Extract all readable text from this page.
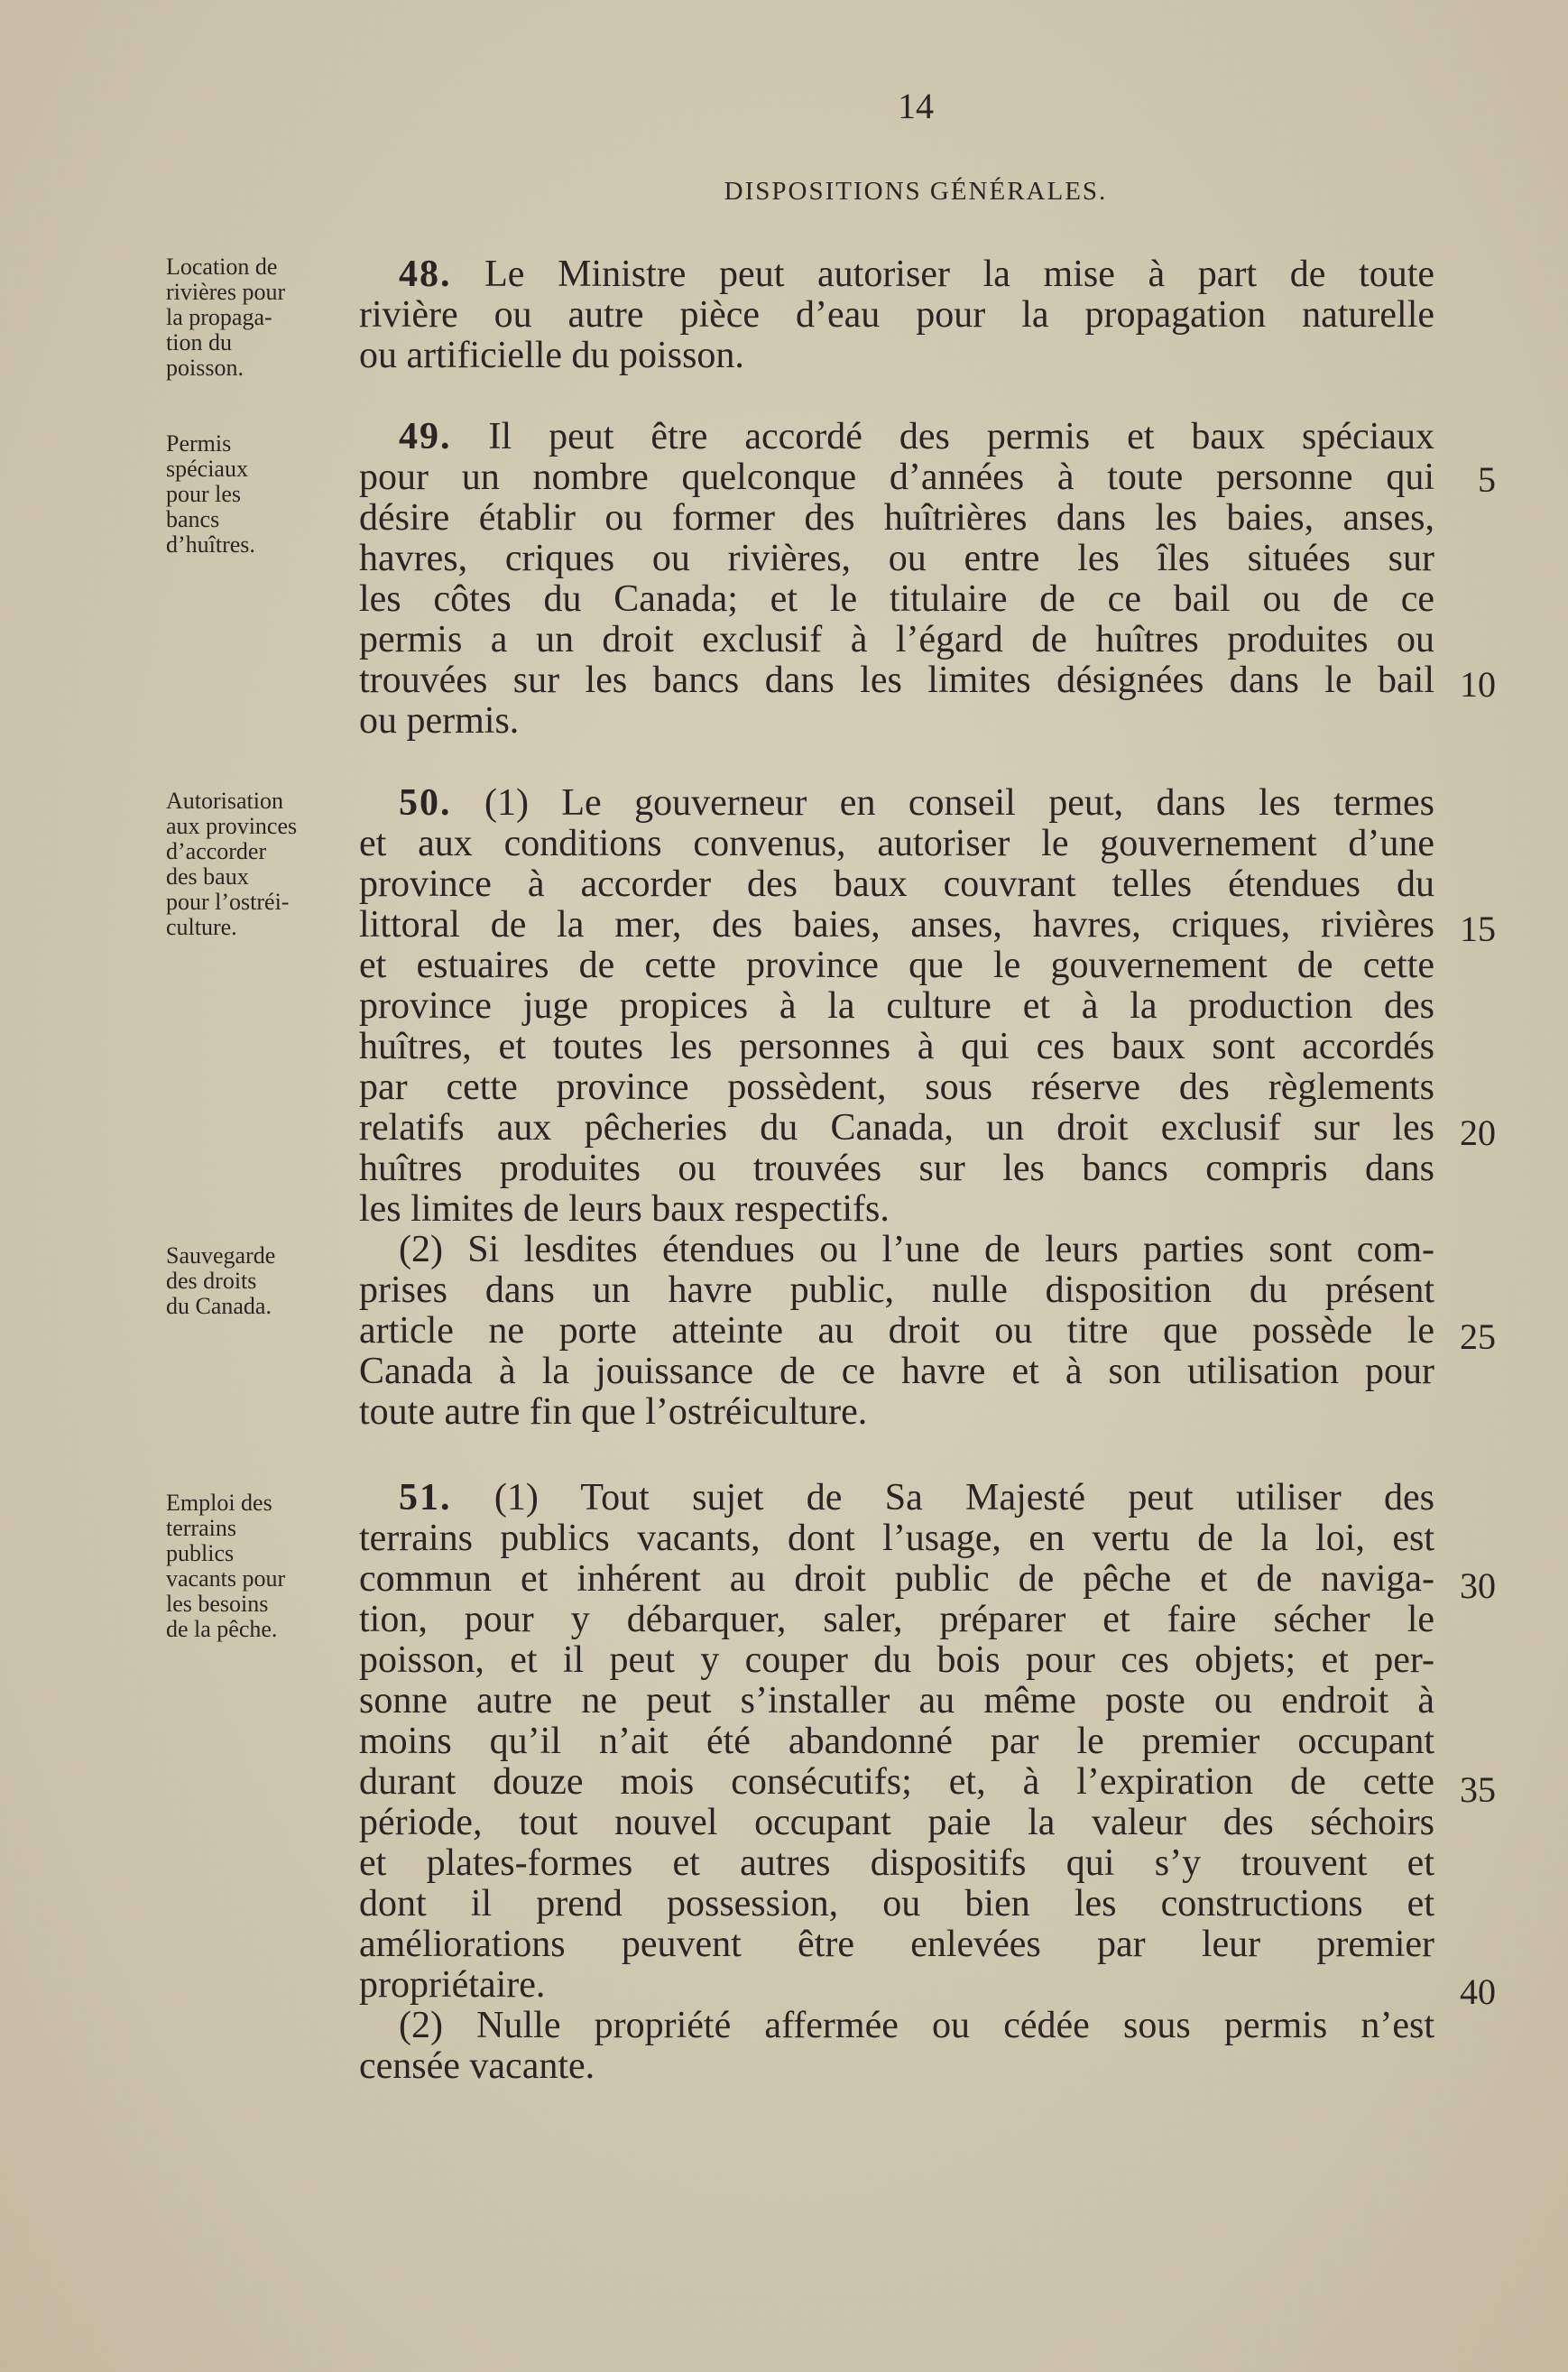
14
DISPOSITIONS GÉNÉRALES.
Location de
rivières pour
la propaga-
tion du
poisson.
Permis
spéciaux
pour les
bancs
d’huîtres.
Autorisation
aux provinces
d’accorder
des baux
pour l’ostréi-
culture.
Sauvegarde
des droits
du Canada.
Emploi des
terrains
publics
vacants pour
les besoins
de la pêche.
48. Le Ministre peut autoriser la mise à part de toute
rivière ou autre pièce d’eau pour la propagation naturelle
ou artificielle du poisson.
49. Il peut être accordé des permis et baux spéciaux
pour un nombre quelconque d’années à toute personne qui
désire établir ou former des huîtrières dans les baies, anses,
havres, criques ou rivières, ou entre les îles situées sur
les côtes du Canada; et le titulaire de ce bail ou de ce
permis a un droit exclusif à l’égard de huîtres produites ou
trouvées sur les bancs dans les limites désignées dans le bail
ou permis.
50. (1) Le gouverneur en conseil peut, dans les termes
et aux conditions convenus, autoriser le gouvernement d’une
province à accorder des baux couvrant telles étendues du
littoral de la mer, des baies, anses, havres, criques, rivières
et estuaires de cette province que le gouvernement de cette
province juge propices à la culture et à la production des
huîtres, et toutes les personnes à qui ces baux sont accordés
par cette province possèdent, sous réserve des règlements
relatifs aux pêcheries du Canada, un droit exclusif sur les
huîtres produites ou trouvées sur les bancs compris dans
les limites de leurs baux respectifs.
(2) Si lesdites étendues ou l’une de leurs parties sont com-
prises dans un havre public, nulle disposition du présent
article ne porte atteinte au droit ou titre que possède le
Canada à la jouissance de ce havre et à son utilisation pour
toute autre fin que l’ostréiculture.
51. (1) Tout sujet de Sa Majesté peut utiliser des
terrains publics vacants, dont l’usage, en vertu de la loi, est
commun et inhérent au droit public de pêche et de naviga-
tion, pour y débarquer, saler, préparer et faire sécher le
poisson, et il peut y couper du bois pour ces objets; et per-
sonne autre ne peut s’installer au même poste ou endroit à
moins qu’il n’ait été abandonné par le premier occupant
durant douze mois consécutifs; et, à l’expiration de cette
période, tout nouvel occupant paie la valeur des séchoirs
et plates-formes et autres dispositifs qui s’y trouvent et
dont il prend possession, ou bien les constructions et
améliorations peuvent être enlevées par leur premier
propriétaire.
(2) Nulle propriété affermée ou cédée sous permis n’est
censée vacante.
5
10
15
20
25
30
35
40
